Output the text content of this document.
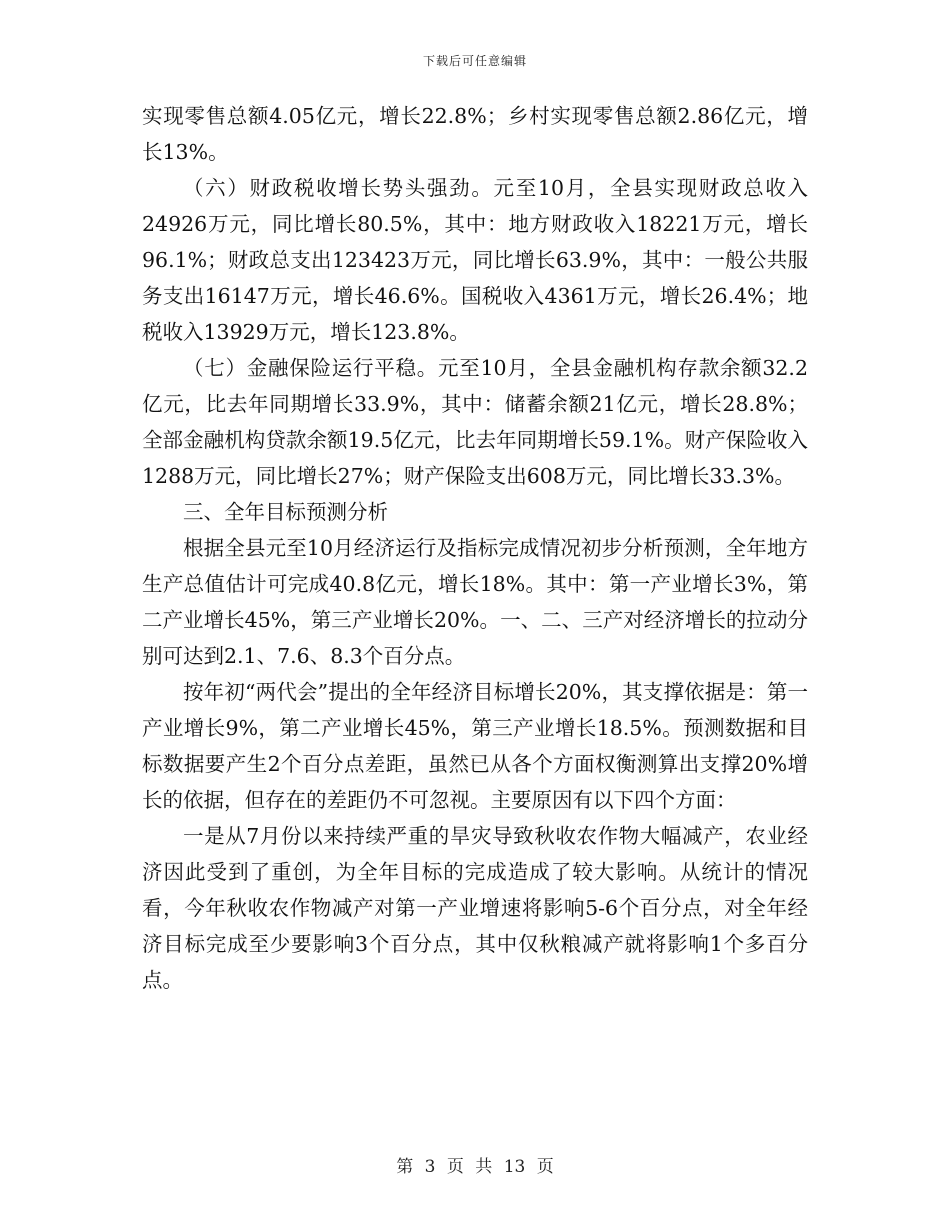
下载后可任意编辑

实现零售总额4.05亿元，增长22.8%；乡村实现零售总额2.86亿元，增长13%。

（六）财政税收增长势头强劲。元至10月，全县实现财政总收入24926万元，同比增长80.5%，其中：地方财政收入18221万元，增长96.1%；财政总支出123423万元，同比增长63.9%，其中：一般公共服务支出16147万元，增长46.6%。国税收入4361万元，增长26.4%；地税收入13929万元，增长123.8%。

（七）金融保险运行平稳。元至10月，全县金融机构存款余额32.2亿元，比去年同期增长33.9%，其中：储蓄余额21亿元，增长28.8%；全部金融机构贷款余额19.5亿元，比去年同期增长59.1%。财产保险收入1288万元，同比增长27%；财产保险支出608万元，同比增长33.3%。

三、全年目标预测分析

根据全县元至10月经济运行及指标完成情况初步分析预测，全年地方生产总值估计可完成40.8亿元，增长18%。其中：第一产业增长3%，第二产业增长45%，第三产业增长20%。一、二、三产对经济增长的拉动分别可达到2.1、7.6、8.3个百分点。

按年初“两代会”提出的全年经济目标增长20%，其支撑依据是：第一产业增长9%，第二产业增长45%，第三产业增长18.5%。预测数据和目标数据要产生2个百分点差距，虽然已从各个方面权衡测算出支撑20%增长的依据，但存在的差距仍不可忽视。主要原因有以下四个方面：

一是从7月份以来持续严重的旱灾导致秋收农作物大幅减产，农业经济因此受到了重创，为全年目标的完成造成了较大影响。从统计的情况看，今年秋收农作物减产对第一产业增速将影响5-6个百分点，对全年经济目标完成至少要影响3个百分点，其中仅秋粮减产就将影响1个多百分点。

第 3 页 共 13 页
